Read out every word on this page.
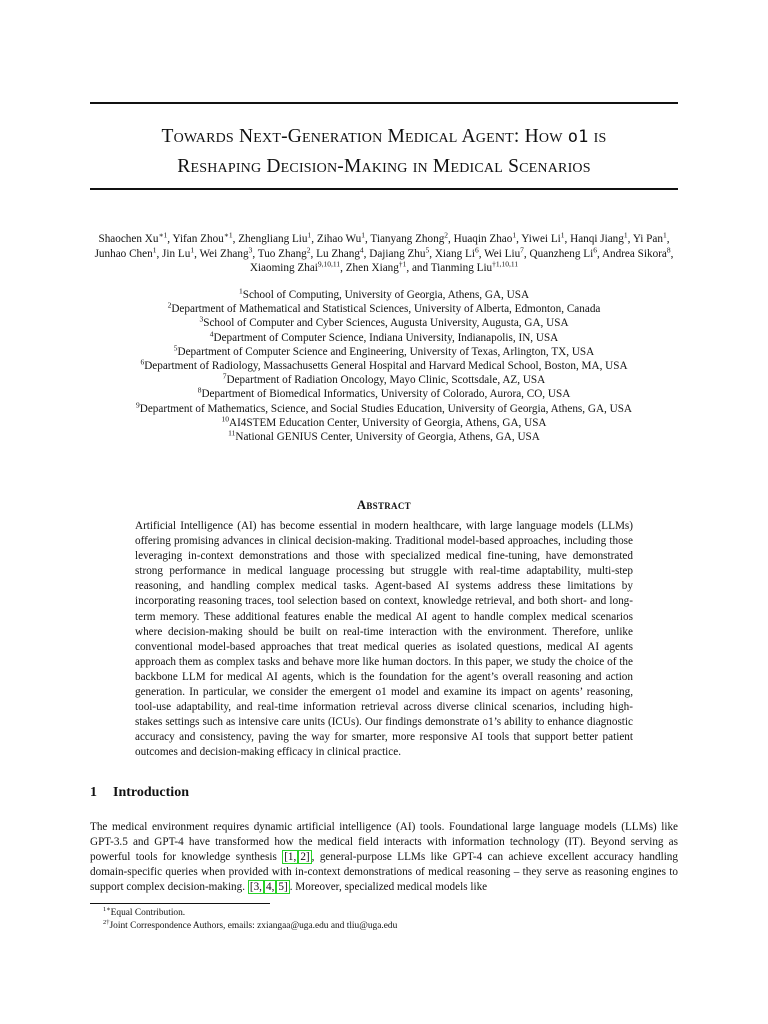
Towards Next-Generation Medical Agent: How o1 is
Reshaping Decision-Making in Medical Scenarios
Shaochen $Xu^{∗1}$, Yifan Zhou$^{∗1}$, Zhengliang Liu$^1$, Zihao Wu$^1$, Tianyang Zhong$^2$, Huaqin Zhao$^1$, Yiwei Li$^1$, Hanqi Jiang$^1$, Yi Pan$^1$, Junhao Chen$^1$, Jin Lu$^1$, Wei Zhang$^3$, Tuo Zhang$^2$, Lu Zhang$^4$, Dajiang Zhu$^5$, Xiang Li$^6$, Wei Liu$^7$, Quanzheng Li$^6$, Andrea Sikora$^8$, Xiaoming Zhai$^{9,10,11}$, Zhen Xiang$^{\dagger 1}$, and Tianming Liu$^{\dagger 1,10,11}$
$^1$School of Computing, University of Georgia, Athens, GA, USA
$^2$Department of Mathematical and Statistical Sciences, University of Alberta, Edmonton, Canada
$^3$School of Computer and Cyber Sciences, Augusta University, Augusta, GA, USA
$^4$Department of Computer Science, Indiana University, Indianapolis, IN, USA
$^5$Department of Computer Science and Engineering, University of Texas, Arlington, TX, USA
$^6$Department of Radiology, Massachusetts General Hospital and Harvard Medical School, Boston, MA, USA
$^7$Department of Radiation Oncology, Mayo Clinic, Scottsdale, AZ, USA
$^8$Department of Biomedical Informatics, University of Colorado, Aurora, CO, USA
$^9$Department of Mathematics, Science, and Social Studies Education, University of Georgia, Athens, GA, USA
$^{10}$AI4STEM Education Center, University of Georgia, Athens, GA, USA
$^{11}$National GENIUS Center, University of Georgia, Athens, GA, USA
Abstract
Artificial Intelligence (AI) has become essential in modern healthcare, with large language models (LLMs) offering promising advances in clinical decision-making. Traditional model-based approaches, including those leveraging in-context demonstrations and those with specialized medical fine-tuning, have demonstrated strong performance in medical language processing but struggle with real-time adaptability, multi-step reasoning, and handling complex medical tasks. Agent-based AI systems address these limitations by incorporating reasoning traces, tool selection based on context, knowledge retrieval, and both short- and long-term memory. These additional features enable the medical AI agent to handle complex medical scenarios where decision-making should be built on real-time interaction with the environment. Therefore, unlike conventional model-based approaches that treat medical queries as isolated questions, medical AI agents approach them as complex tasks and behave more like human doctors. In this paper, we study the choice of the backbone LLM for medical AI agents, which is the foundation for the agent’s overall reasoning and action generation. In particular, we consider the emergent o1 model and examine its impact on agents’ reasoning, tool-use adaptability, and real-time information retrieval across diverse clinical scenarios, including high-stakes settings such as intensive care units (ICUs). Our findings demonstrate o1’s ability to enhance diagnostic accuracy and consistency, paving the way for smarter, more responsive AI tools that support better patient outcomes and decision-making efficacy in clinical practice.
1 Introduction
The medical environment requires dynamic artificial intelligence (AI) tools. Foundational large language models (LLMs) like GPT-3.5 and GPT-4 have transformed how the medical field interacts with information technology (IT). Beyond serving as powerful tools for knowledge synthesis [1, 2] , general-purpose LLMs like GPT-4 can achieve excellent accuracy handling domain-specific queries when provided with in-context demonstrations of medical reasoning – they serve as reasoning engines to support complex decision-making. [3, 4, 5] . Moreover, specialized medical models like
$^{1∗}$Equal Contribution.
$^{2\dagger}$Joint Correspondence Authors, emails: zxiangaa@uga.edu and tliu@uga.edu
